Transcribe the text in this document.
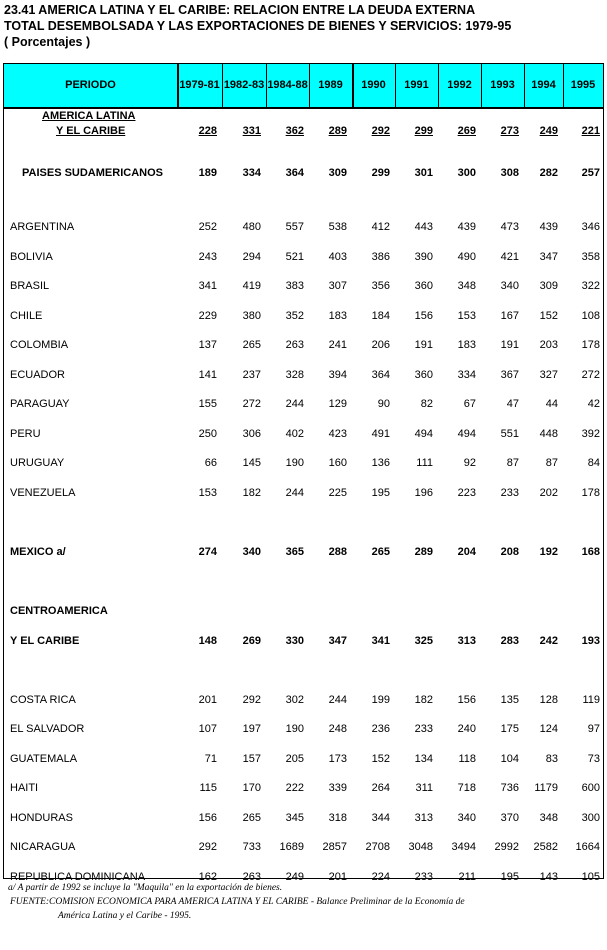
23.41 AMERICA LATINA Y EL CARIBE: RELACION ENTRE LA DEUDA EXTERNA
TOTAL DESEMBOLSADA Y LAS EXPORTACIONES DE BIENES Y SERVICIOS: 1979-95
( Porcentajes )
PERIODO	1979-81 1982-83 1984-88 1989	1990	1991	1992	1993	1994	1995
AMERICA LATINA
Y EL CARIBE	228	331	362	289	292	299	269	273	249	221
PAISES SUDAMERICANOS	189	334	364	309	299	301	300	308	282	257
ARGENTINA	252	480	557	538	412	443	439	473	439	346
BOLIVIA	243	294	521	403	386	390	490	421	347	358
BRASIL	341	419	383	307	356	360	348	340	309	322
CHILE	229	380	352	183	184	156	153	167	152	108
COLOMBIA	137	265	263	241	206	191	183	191	203	178
ECUADOR	141	237	328	394	364	360	334	367	327	272
PARAGUAY	155	272	244	129	90	82	67	47	44	42
PERU	250	306	402	423	491	494	494	551	448	392
URUGUAY	66	145	190	160	136	111	92	87	87	84
VENEZUELA	153	182	244	225	195	196	223	233	202	178
MEXICO a/	274	340	365	288	265	289	204	208	192	168
CENTROAMERICA
Y EL CARIBE	148	269	330	347	341	325	313	283	242	193
COSTA RICA	201	292	302	244	199	182	156	135	128	119
EL SALVADOR	107	197	190	248	236	233	240	175	124	97
GUATEMALA	71	157	205	173	152	134	118	104	83	73
HAITI	115	170	222	339	264	311	718	736	1179	600
HONDURAS	156	265	345	318	344	313	340	370	348	300
NICARAGUA	292	733	1689	2857	2708	3048	3494	2992	2582	1664
REPUBLICA DOMINICANA	162	263	249	201	224	233	211	195	143	105
a/ A partir de 1992 se incluye la "Maquila" en la exportación de bienes.
FUENTE:COMISION ECONOMICA PARA AMERICA LATINA Y EL CARIBE - Balance Preliminar de la Economía de
América Latina y el Caribe - 1995.
